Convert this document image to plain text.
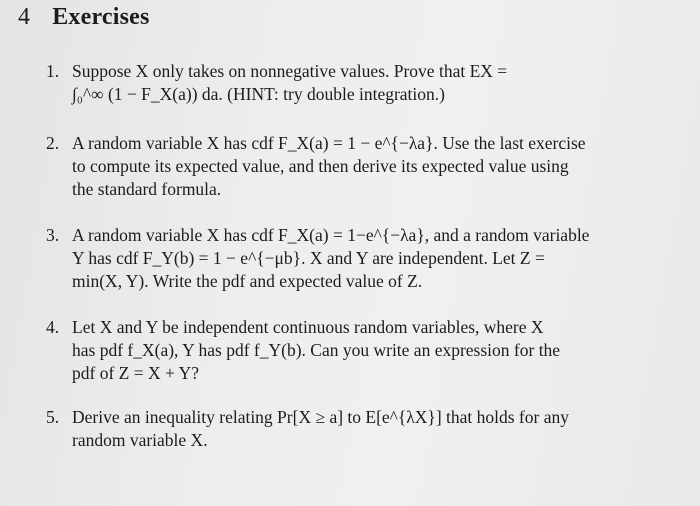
4 Exercises
1. Suppose X only takes on nonnegative values. Prove that EX =
∫₀^∞ (1 − F_X(a)) da. (HINT: try double integration.)
2. A random variable X has cdf F_X(a) = 1 − e^{−λa}. Use the last exercise
to compute its expected value, and then derive its expected value using
the standard formula.
3. A random variable X has cdf F_X(a) = 1−e^{−λa}, and a random variable
Y has cdf F_Y(b) = 1 − e^{−μb}. X and Y are independent. Let Z =
min(X, Y). Write the pdf and expected value of Z.
4. Let X and Y be independent continuous random variables, where X
has pdf f_X(a), Y has pdf f_Y(b). Can you write an expression for the
pdf of Z = X + Y?
5. Derive an inequality relating Pr[X ≥ a] to E[e^{λX}] that holds for any
random variable X.
